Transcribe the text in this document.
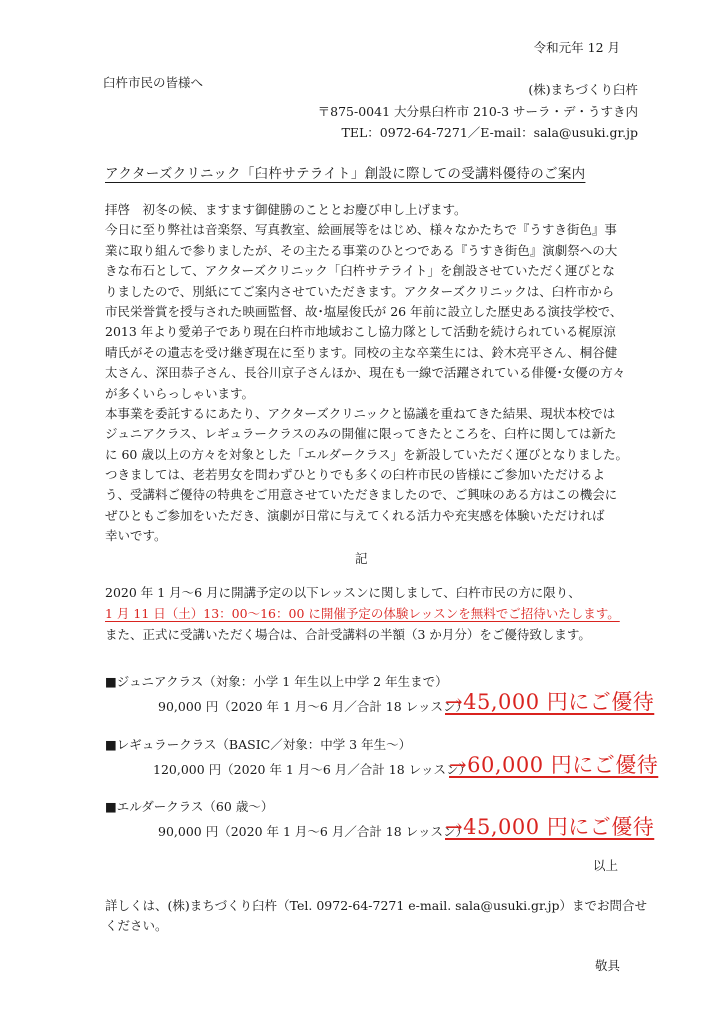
令和元年 12 月
臼杵市民の皆様へ	(株)まちづくり臼杵
〒875-0041 大分県臼杵市 210-3 サーラ・デ・うすき内
TEL：0972-64-7271／E-mail：sala@usuki.gr.jp
アクターズクリニック「臼杵サテライト」創設に際しての受講料優待のご案内
拝啓　初冬の候、ますます御健勝のこととお慶び申し上げます。
今日に至り弊社は音楽祭、写真教室、絵画展等をはじめ、様々なかたちで『うすき街色』事
業に取り組んで参りましたが、その主たる事業のひとつである『うすき街色』演劇祭への大
きな布石として、アクターズクリニック「臼杵サテライト」を創設させていただく運びとな
りましたので、別紙にてご案内させていただきます。アクターズクリニックは、臼杵市から
市民栄誉賞を授与された映画監督、故･塩屋俊氏が 26 年前に設立した歴史ある演技学校で、
2013 年より愛弟子であり現在臼杵市地域おこし協力隊として活動を続けられている梶原涼
晴氏がその遺志を受け継ぎ現在に至ります。同校の主な卒業生には、鈴木亮平さん、桐谷健
太さん、深田恭子さん、長谷川京子さんほか、現在も一線で活躍されている俳優･女優の方々
が多くいらっしゃいます。
本事業を委託するにあたり、アクターズクリニックと協議を重ねてきた結果、現状本校では
ジュニアクラス、レギュラークラスのみの開催に限ってきたところを、臼杵に関しては新た
に 60 歳以上の方々を対象とした「エルダークラス」を新設していただく運びとなりました。
つきましては、老若男女を問わずひとりでも多くの臼杵市民の皆様にご参加いただけるよ
う、受講料ご優待の特典をご用意させていただきましたので、ご興味のある方はこの機会に
ぜひともご参加をいただき、演劇が日常に与えてくれる活力や充実感を体験いただければ
幸いです。
記
2020 年 1 月～6 月に開講予定の以下レッスンに関しまして、臼杵市民の方に限り、
1 月 11 日（土）13：00～16：00 に開催予定の体験レッスンを無料でご招待いたします。
また、正式に受講いただく場合は、合計受講料の半額（3 か月分）をご優待致します。
■ジュニアクラス（対象：小学 1 年生以上中学 2 年生まで）
90,000 円（2020 年 1 月～6 月／合計 18 レッスン）
→45,000 円にご優待
■レギュラークラス（BASIC／対象：中学 3 年生～）
120,000 円（2020 年 1 月～6 月／合計 18 レッスン）
→60,000 円にご優待
■エルダークラス（60 歳～）
90,000 円（2020 年 1 月～6 月／合計 18 レッスン）
→45,000 円にご優待
以上
詳しくは、(株)まちづくり臼杵（Tel. 0972-64-7271 e-mail. sala@usuki.gr.jp）までお問合せ
ください。
敬具
